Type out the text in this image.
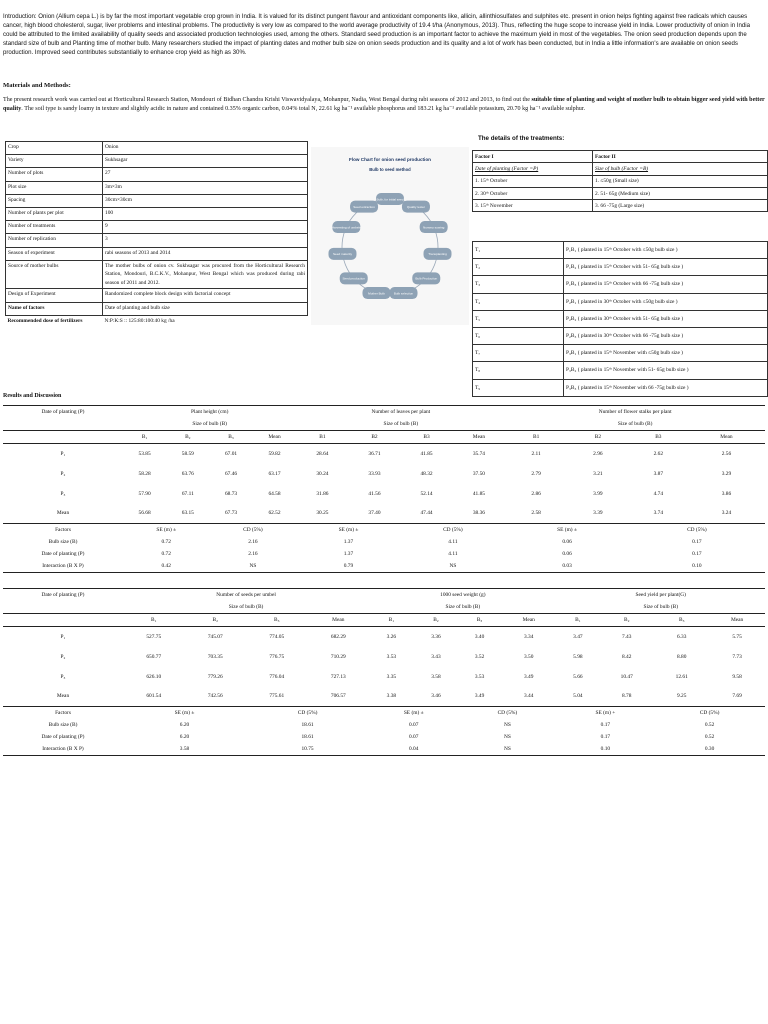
Introduction: Onion (Allium cepa L.) is by far the most important vegetable crop grown in India. It is valued for its distinct pungent flavour and antioxidant components like, allicin, allinthiosulfates and sulphites etc. present in onion helps fighting against free radicals which causes cancer, high blood cholesterol, sugar, liver problems and intestinal problems. The productivity is very low as compared to the world average productivity of 19.4 t/ha (Anonymous, 2013). Thus, reflecting the huge scope to increase yield in India. Lower productivity of onion in India could be attributed to the limited availability of quality seeds and associated production technologies used, among the others. Standard seed production is an important factor to achieve the maximum yield in most of the vegetables. The onion seed production depends upon the standard size of bulb and Planting time of mother bulb. Many researchers studied the impact of planting dates and mother bulb size on onion seeds production and its quality and a lot of work has been conducted, but in India a little information's are available on onion seeds production. Improved seed contributes substantially to enhance crop yield as high as 30%.
Materials and Methods:
The present research work was carried out at Horticultural Research Station, Mondouri of Bidhan Chandra Krishi Viswavidyalaya, Mohanpur, Nadia, West Bengal during rabi seasons of 2012 and 2013, to find out the suitable time of planting and weight of mother bulb to obtain bigger seed yield with better quality. The soil type is sandy loamy in texture and slightly acidic in nature and contained 0.35% organic carbon, 0.04% total N, 22.61 kg ha⁻¹ available phosphorus and 183.21 kg ha⁻¹ available potassium, 20.70 kg ha⁻¹ available sulphur.
Crop	Onion
Variety	Sukhsagar
Number of plots	27
Plot size	3m×3m
Spacing	30cm×30cm
Number of plants per plot	100
Number of treatments	9
Number of replication	3
Season of experiment	rabi seasons of 2013 and 2014
Source of mother bulbs	The mother bulbs of onion cv. Sukhsagar was procured from the Horticultural Research Station, Mondouri, B.C.K.V., Mohanpur, West Bengal which was produced during rabi season of 2011 and 2012.
Design of Experiment	Randomized complete block design with factorial concept
Name of factors	Date of planting and bulb size
Recommended dose of fertilizers	N:P:K:S :: 125:80:100:40 kg /ha
Flow Chart for onion seed production
Bulb to seed method
Bulb, for initial seed
Quality tester
Nursery sowing
Transplanting
Bulb Production
Bulb selection
Mother Bulb
Seed production
Seed maturity
Harvesting of umbels
Seed extraction
The details of the treatments:
Factor I	Factor II
Date of planting (Factor =P)	Size of bulb (Factor =B)
1. 15ᵗʰ October	1. ≤50g (Small size)
2. 30ᵗʰ October	2. 51- 65g (Medium size)
3. 15ᵗʰ November	3. 66 -75g (Large size)
T₁	P₁B₁ ( planted in 15ᵗʰ October with ≤50g bulb size )
T₂	P₁B₂ ( planted in 15ᵗʰ October with 51- 65g bulb size )
T₃	P₁B₃ ( planted in 15ᵗʰ October with 66 -75g bulb size )
T₄	P₂B₁ ( planted in 30ᵗʰ October with ≤50g bulb size )
T₅	P₂B₂ ( planted in 30ᵗʰ October with 51- 65g bulb size )
T₆	P₂B₃ ( planted in 30ᵗʰ October with 66 -75g bulb size )
T₇	P₃B₁ ( planted in 15ᵗʰ November with ≤50g bulb size )
T₈	P₃B₂ ( planted in 15ᵗʰ November with 51- 65g bulb size )
T₉	P₃B₃ ( planted in 15ᵗʰ November with 66 -75g bulb size )
Results and Discussion
Date of planting (P)	Plant height (cm)				Number of leaves per plant				Number of flower stalks per plant			
	Size of bulb (B)				Size of bulb (B)				Size of bulb (B)			
	B₁	B₂	B₃	Mean	B1	B2	B3	Mean	B1	B2	B3	Mean
P₁	53.85	58.59	67.01	59.82	28.64	36.71	41.85	35.74	2.11	2.96	2.62	2.56
P₂	58.28	63.76	67.46	63.17	30.24	33.93	48.32	37.50	2.79	3.21	3.87	3.29
P₃	57.90	67.11	68.73	64.58	31.86	41.56	52.14	41.85	2.86	3.99	4.74	3.86
Mean	56.68	63.15	67.73	62.52	30.25	37.40	47.44	38.36	2.58	3.39	3.74	3.24
Factors	SE (m) ±		CD (5%)		SE (m) ±		CD (5%)		SE (m) ±		CD (5%)	
Bulb size (B)	0.72		2.16		1.37		4.11		0.06		0.17	
Date of planting (P)	0.72		2.16		1.37		4.11		0.06		0.17	
Interaction (B X P)	0.42		NS		0.79		NS		0.03		0.10	
Date of planting (P)	Number of seeds per umbel				1000 seed weight (g)				Seed yield per plant(G)			
	Size of bulb (B)				Size of bulb (B)				Size of bulb (B)			
	B₁	B₂	B₃	Mean	B₁	B₂	B₃	Mean	B₁	B₂	B₃	Mean
P₁	527.75	745.07	774.05	682.29	3.26	3.36	3.40	3.34	3.47	7.43	6.33	5.75
P₂	650.77	703.35	776.75	710.29	3.53	3.43	3.52	3.50	5.98	8.42	8.80	7.73
P₃	626.10	779.26	776.04	727.13	3.35	3.58	3.53	3.49	5.66	10.47	12.61	9.58
Mean	601.54	742.56	775.61	706.57	3.38	3.46	3.49	3.44	5.04	8.78	9.25	7.69
Factors	SE (m) ±		CD (5%)		SE (m) ±		CD (5%)		SE (m) +		CD (5%)	
Bulb size (B)	6.20		18.61		0.07		NS		0.17		0.52	
Date of planting (P)	6.20		18.61		0.07		NS		0.17		0.52	
Interaction (B X P)	3.58		10.75		0.04		NS		0.10		0.30	
